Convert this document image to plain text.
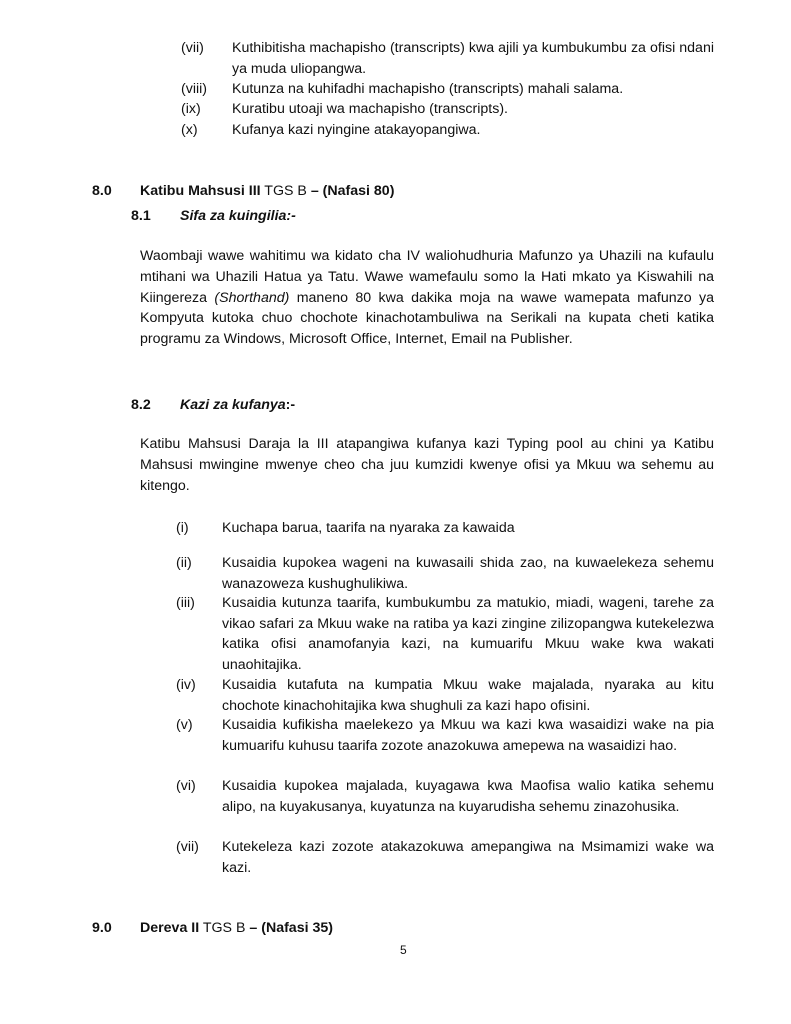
(vii) Kuthibitisha machapisho (transcripts) kwa ajili ya kumbukumbu za ofisi ndani ya muda uliopangwa.
(viii) Kutunza na kuhifadhi machapisho (transcripts) mahali salama.
(ix) Kuratibu utoaji wa machapisho (transcripts).
(x) Kufanya kazi nyingine atakayopangiwa.
8.0 Katibu Mahsusi III TGS B – (Nafasi 80)
8.1 Sifa za kuingilia:-
Waombaji wawe wahitimu wa kidato cha IV waliohudhuria Mafunzo ya Uhazili na kufaulu mtihani wa Uhazili Hatua ya Tatu. Wawe wamefaulu somo la Hati mkato ya Kiswahili na Kiingereza (Shorthand) maneno 80 kwa dakika moja na wawe wamepata mafunzo ya Kompyuta kutoka chuo chochote kinachotambuliwa na Serikali na kupata cheti katika programu za Windows, Microsoft Office, Internet, Email na Publisher.
8.2 Kazi za kufanya:-
Katibu Mahsusi Daraja la III atapangiwa kufanya kazi Typing pool au chini ya Katibu Mahsusi mwingine mwenye cheo cha juu kumzidi kwenye ofisi ya Mkuu wa sehemu au kitengo.
(i) Kuchapa barua, taarifa na nyaraka za kawaida
(ii) Kusaidia kupokea wageni na kuwasaili shida zao, na kuwaelekeza sehemu wanazoweza kushughulikiwa.
(iii) Kusaidia kutunza taarifa, kumbukumbu za matukio, miadi, wageni, tarehe za vikao safari za Mkuu wake na ratiba ya kazi zingine zilizopangwa kutekelezwa katika ofisi anamofanyia kazi, na kumuarifu Mkuu wake kwa wakati unaohitajika.
(iv) Kusaidia kutafuta na kumpatia Mkuu wake majalada, nyaraka au kitu chochote kinachohitajika kwa shughuli za kazi hapo ofisini.
(v) Kusaidia kufikisha maelekezo ya Mkuu wa kazi kwa wasaidizi wake na pia kumuarifu kuhusu taarifa zozote anazokuwa amepewa na wasaidizi hao.
(vi) Kusaidia kupokea majalada, kuyagawa kwa Maofisa walio katika sehemu alipo, na kuyakusanya, kuyatunza na kuyarudisha sehemu zinazohusika.
(vii) Kutekeleza kazi zozote atakazokuwa amepangiwa na Msimamizi wake wa kazi.
9.0 Dereva II TGS B – (Nafasi 35)
5
